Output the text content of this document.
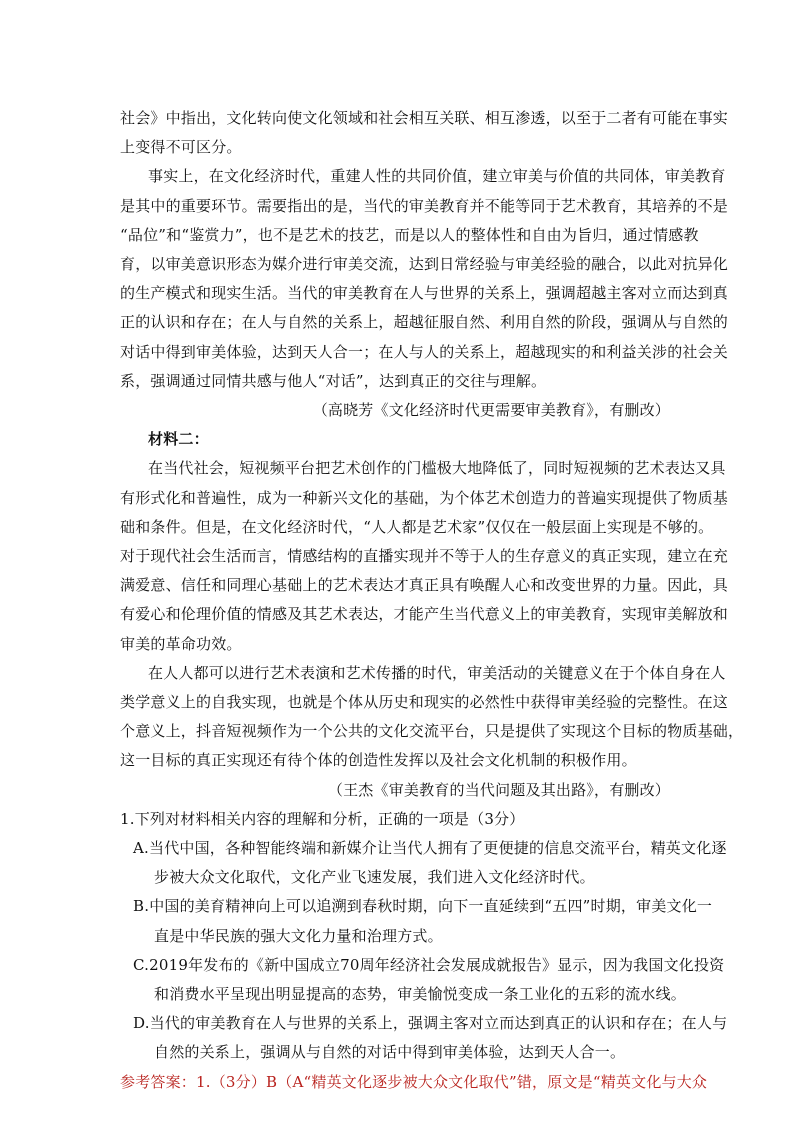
社会》中指出，文化转向使文化领域和社会相互关联、相互渗透，以至于二者有可能在事实
上变得不可区分。
事实上，在文化经济时代，重建人性的共同价值，建立审美与价值的共同体，审美教育
是其中的重要环节。需要指出的是，当代的审美教育并不能等同于艺术教育，其培养的不是
“品位”和“鉴赏力”，也不是艺术的技艺，而是以人的整体性和自由为旨归，通过情感教
育，以审美意识形态为媒介进行审美交流，达到日常经验与审美经验的融合，以此对抗异化
的生产模式和现实生活。当代的审美教育在人与世界的关系上，强调超越主客对立而达到真
正的认识和存在；在人与自然的关系上，超越征服自然、利用自然的阶段，强调从与自然的
对话中得到审美体验，达到天人合一；在人与人的关系上，超越现实的和利益关涉的社会关
系，强调通过同情共感与他人“对话”，达到真正的交往与理解。
（高晓芳《文化经济时代更需要审美教育》，有删改）
材料二：
在当代社会，短视频平台把艺术创作的门槛极大地降低了，同时短视频的艺术表达又具
有形式化和普遍性，成为一种新兴文化的基础，为个体艺术创造力的普遍实现提供了物质基
础和条件。但是，在文化经济时代，“人人都是艺术家”仅仅在一般层面上实现是不够的。
对于现代社会生活而言，情感结构的直播实现并不等于人的生存意义的真正实现，建立在充
满爱意、信任和同理心基础上的艺术表达才真正具有唤醒人心和改变世界的力量。因此，具
有爱心和伦理价值的情感及其艺术表达，才能产生当代意义上的审美教育，实现审美解放和
审美的革命功效。
在人人都可以进行艺术表演和艺术传播的时代，审美活动的关键意义在于个体自身在人
类学意义上的自我实现，也就是个体从历史和现实的必然性中获得审美经验的完整性。在这
个意义上，抖音短视频作为一个公共的文化交流平台，只是提供了实现这个目标的物质基础，
这一目标的真正实现还有待个体的创造性发挥以及社会文化机制的积极作用。
（王杰《审美教育的当代问题及其出路》，有删改）
1.下列对材料相关内容的理解和分析，正确的一项是（3分）
A.当代中国，各种智能终端和新媒介让当代人拥有了更便捷的信息交流平台，精英文化逐
步被大众文化取代，文化产业飞速发展，我们进入文化经济时代。
B.中国的美育精神向上可以追溯到春秋时期，向下一直延续到“五四”时期，审美文化一
直是中华民族的强大文化力量和治理方式。
C.2019年发布的《新中国成立70周年经济社会发展成就报告》显示，因为我国文化投资
和消费水平呈现出明显提高的态势，审美愉悦变成一条工业化的五彩的流水线。
D.当代的审美教育在人与世界的关系上，强调主客对立而达到真正的认识和存在；在人与
自然的关系上，强调从与自然的对话中得到审美体验，达到天人合一。
参考答案：1.（3分）B（A“精英文化逐步被大众文化取代”错，原文是“精英文化与大众
